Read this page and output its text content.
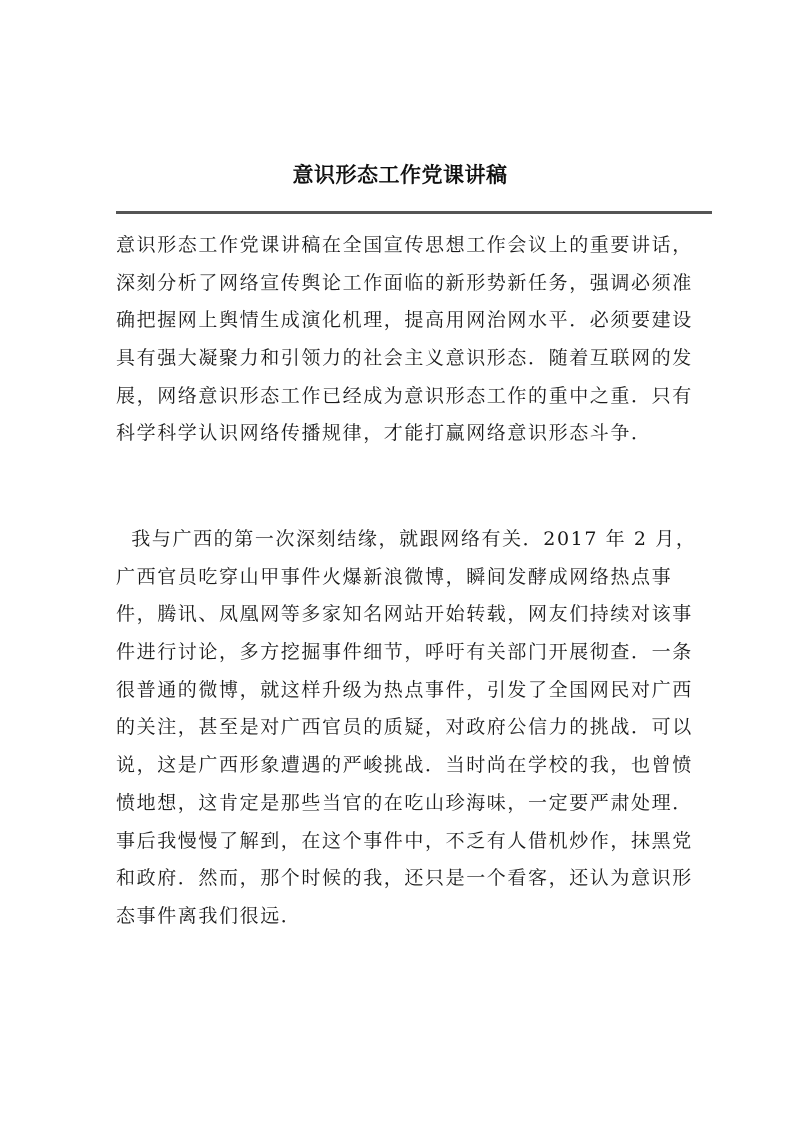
意识形态工作党课讲稿
意识形态工作党课讲稿在全国宣传思想工作会议上的重要讲话，
深刻分析了网络宣传舆论工作面临的新形势新任务，强调必须准
确把握网上舆情生成演化机理，提高用网治网水平．必须要建设
具有强大凝聚力和引领力的社会主义意识形态．随着互联网的发
展，网络意识形态工作已经成为意识形态工作的重中之重．只有
科学科学认识网络传播规律，才能打赢网络意识形态斗争．
我与广西的第一次深刻结缘，就跟网络有关．2017 年 2 月，
广西官员吃穿山甲事件火爆新浪微博，瞬间发酵成网络热点事
件，腾讯、凤凰网等多家知名网站开始转载，网友们持续对该事
件进行讨论，多方挖掘事件细节，呼吁有关部门开展彻查．一条
很普通的微博，就这样升级为热点事件，引发了全国网民对广西
的关注，甚至是对广西官员的质疑，对政府公信力的挑战．可以
说，这是广西形象遭遇的严峻挑战．当时尚在学校的我，也曾愤
愤地想，这肯定是那些当官的在吃山珍海味，一定要严肃处理．
事后我慢慢了解到，在这个事件中，不乏有人借机炒作，抹黑党
和政府．然而，那个时候的我，还只是一个看客，还认为意识形
态事件离我们很远．
